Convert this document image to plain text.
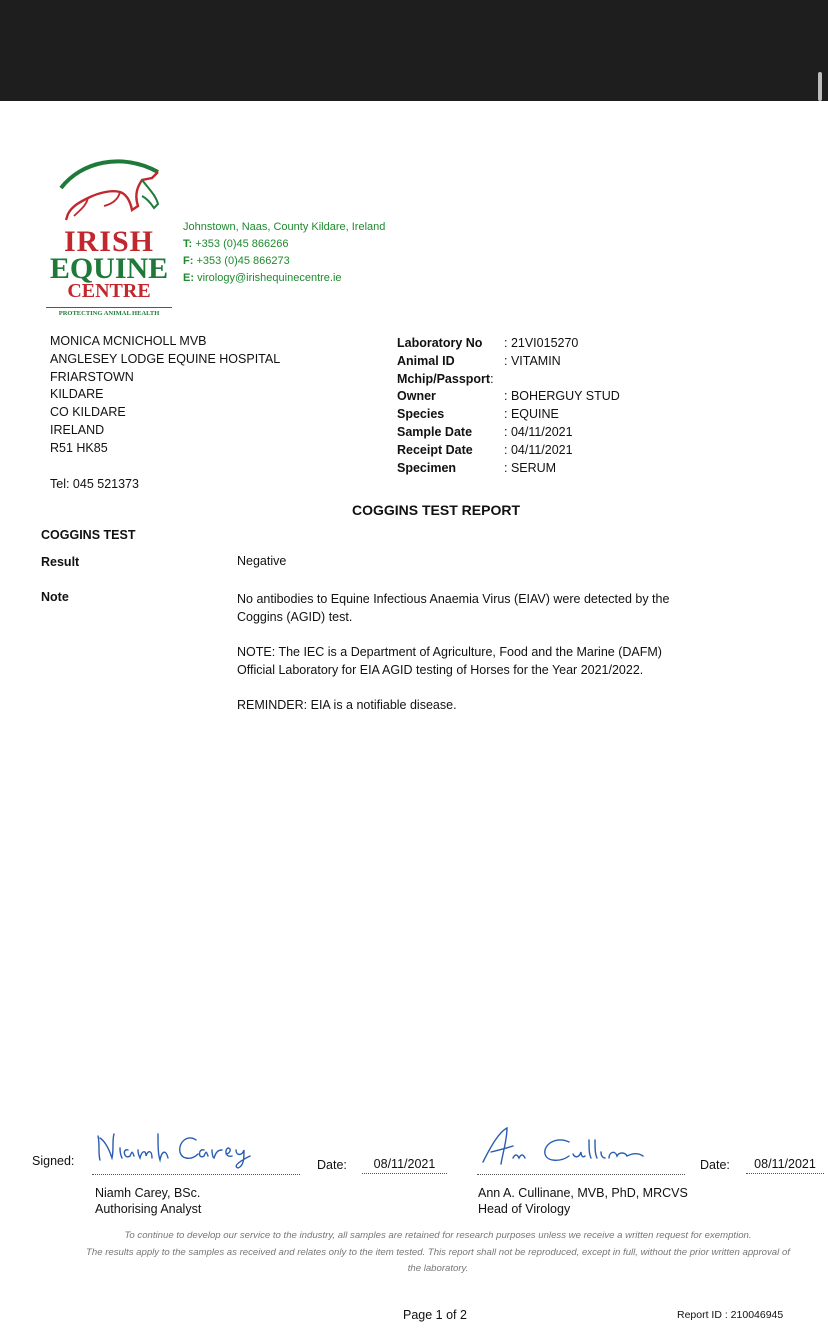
IRISH
EQUINE
CENTRE
PROTECTING ANIMAL HEALTH
Johnstown, Naas, County Kildare, Ireland
T: +353 (0)45 866266
F: +353 (0)45 866273
E: virology@irishequinecentre.ie
MONICA MCNICHOLL MVB
ANGLESEY LODGE EQUINE HOSPITAL
FRIARSTOWN
KILDARE
CO KILDARE
IRELAND
R51 HK85
Tel: 045 521373
Laboratory No	: 21VI015270
Animal ID	: VITAMIN
Mchip/Passport :
Owner	: BOHERGUY STUD
Species	: EQUINE
Sample Date	: 04/11/2021
Receipt Date	: 04/11/2021
Specimen	: SERUM
COGGINS TEST REPORT
COGGINS TEST
Result	Negative
Note	No antibodies to Equine Infectious Anaemia Virus (EIAV) were detected by the Coggins (AGID) test.

NOTE: The IEC is a Department of Agriculture, Food and the Marine (DAFM) Official Laboratory for EIA AGID testing of Horses for the Year 2021/2022.

REMINDER: EIA is a notifiable disease.

Signed:
Niamh Carey	Ann Cullinane
Date:	08/11/2021	Date:	08/11/2021
Niamh Carey, BSc.
Authorising Analyst
Ann A. Cullinane, MVB, PhD, MRCVS
Head of Virology
To continue to develop our service to the industry, all samples are retained for research purposes unless we receive a written request for exemption.
The results apply to the samples as received and relates only to the item tested. This report shall not be reproduced, except in full, without the prior written approval of the laboratory.
Page 1 of 2	Report ID : 210046945
